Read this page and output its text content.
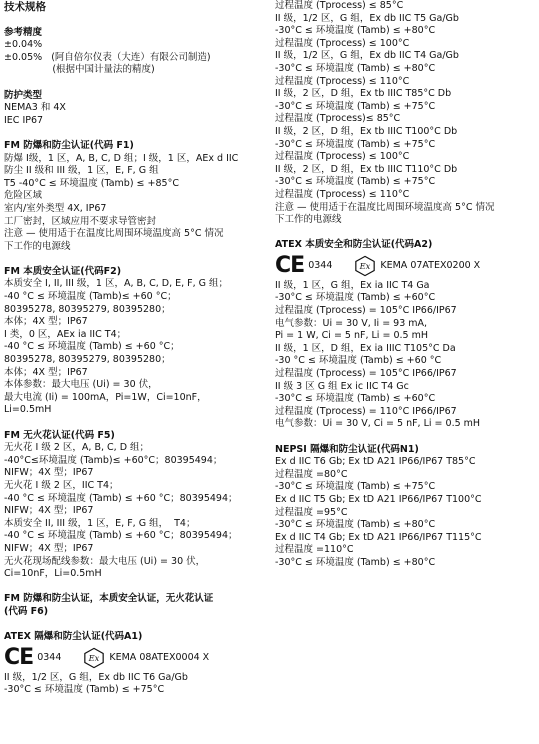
技术规格
参考精度
±0.04%
±0.05%   (阿自倍尔仪表（大连）有限公司制造)
(根据中国计量法的精度)
防护类型
NEMA3 和 4X
IEC IP67
FM 防爆和防尘认证(代码 F1)
防爆 I级，1 区，A, B, C, D 组；I 级，1 区，AEx d IIC
防尘 II 级和 III 级，1 区，E, F, G 组
T5 -40°C ≤ 环境温度 (Tamb) ≤ +85°C
危险区域
室内/室外类型 4X, IP67
工厂密封，区域应用不要求导管密封
注意 — 使用适于在温度比周围环境温度高 5°C 情况
下工作的电源线
FM 本质安全认证(代码F2)
本质安全 I, II, III 级，1 区，A, B, C, D, E, F, G 组；
-40 °C ≤ 环境温度 (Tamb)≤ +60 °C；
80395278, 80395279, 80395280；
本体；4X 型；IP67
I 类，0 区，AEx ia IIC T4；
-40 °C ≤ 环境温度 (Tamb) ≤ +60 °C；
80395278, 80395279, 80395280；
本体；4X 型；IP67
本体参数：最大电压 (Ui) = 30 伏，
最大电流 (Ii) = 100mA，Pi=1W，Ci=10nF，
Li=0.5mH
FM 无火花认证(代码 F5)
无火花 I 级 2 区，A, B, C, D 组；
-40°C≤环境温度 (Tamb)≤ +60°C；80395494；
NIFW；4X 型；IP67
无火花 I 级 2 区，IIC T4；
-40 °C ≤ 环境温度 (Tamb) ≤ +60 °C；80395494；
NIFW；4X 型；IP67
本质安全 II, III 级，1 区，E, F, G 组，  T4；
-40 °C ≤ 环境温度 (Tamb) ≤ +60 °C；80395494；
NIFW；4X 型；IP67
无火花现场配线参数：最大电压 (Ui) = 30 伏，
Ci=10nF，Li=0.5mH
FM 防爆和防尘认证，本质安全认证，无火花认证
(代码 F6)
ATEX 隔爆和防尘认证(代码A1)
CE 0344	Ex KEMA 08ATEX0004 X
II 级，1/2 区，G 组，Ex db IIC T6 Ga/Gb
-30°C ≤ 环境温度 (Tamb) ≤ +75°C
过程温度 (Tprocess) ≤ 85°C
II 级，1/2 区，G 组，Ex db IIC T5 Ga/Gb
-30°C ≤ 环境温度 (Tamb) ≤ +80°C
过程温度 (Tprocess) ≤ 100°C
II 级，1/2 区，G 组，Ex db IIC T4 Ga/Gb
-30°C ≤ 环境温度 (Tamb) ≤ +80°C
过程温度 (Tprocess) ≤ 110°C
II 级，2 区，D 组，Ex tb IIIC T85°C Db
-30°C ≤ 环境温度 (Tamb) ≤ +75°C
过程温度 (Tprocess)≤ 85°C
II 级，2 区，D 组，Ex tb IIIC T100°C Db
-30°C ≤ 环境温度 (Tamb) ≤ +75°C
过程温度 (Tprocess) ≤ 100°C
II 级，2 区，D 组，Ex tb IIIC T110°C Db
-30°C ≤ 环境温度 (Tamb) ≤ +75°C
过程温度 (Tprocess) ≤ 110°C
注意 — 使用适于在温度比周围环境温度高 5°C 情况
下工作的电源线
ATEX 本质安全和防尘认证(代码A2)
CE 0344	Ex KEMA 07ATEX0200 X
II 级，1 区，G 组，Ex ia IIC T4 Ga
-30°C ≤ 环境温度 (Tamb) ≤ +60°C
过程温度 (Tprocess) = 105°C IP66/IP67
电气参数：Ui = 30 V, Ii = 93 mA,
Pi = 1 W, Ci = 5 nF, Li = 0.5 mH
II 级，1 区，D 组，Ex ia IIIC T105°C Da
-30 °C ≤ 环境温度 (Tamb) ≤ +60 °C
过程温度 (Tprocess) = 105°C IP66/IP67
II 级 3 区 G 组 Ex ic IIC T4 Gc
-30°C ≤ 环境温度 (Tamb) ≤ +60°C
过程温度 (Tprocess) = 110°C IP66/IP67
电气参数：Ui = 30 V, Ci = 5 nF, Li = 0.5 mH
NEPSI 隔爆和防尘认证(代码N1)
Ex d IIC T6 Gb; Ex tD A21 IP66/IP67 T85°C
过程温度 =80°C
-30°C ≤ 环境温度 (Tamb) ≤ +75°C
Ex d IIC T5 Gb; Ex tD A21 IP66/IP67 T100°C
过程温度 =95°C
-30°C ≤ 环境温度 (Tamb) ≤ +80°C
Ex d IIC T4 Gb; Ex tD A21 IP66/IP67 T115°C
过程温度 =110°C
-30°C ≤ 环境温度 (Tamb) ≤ +80°C
